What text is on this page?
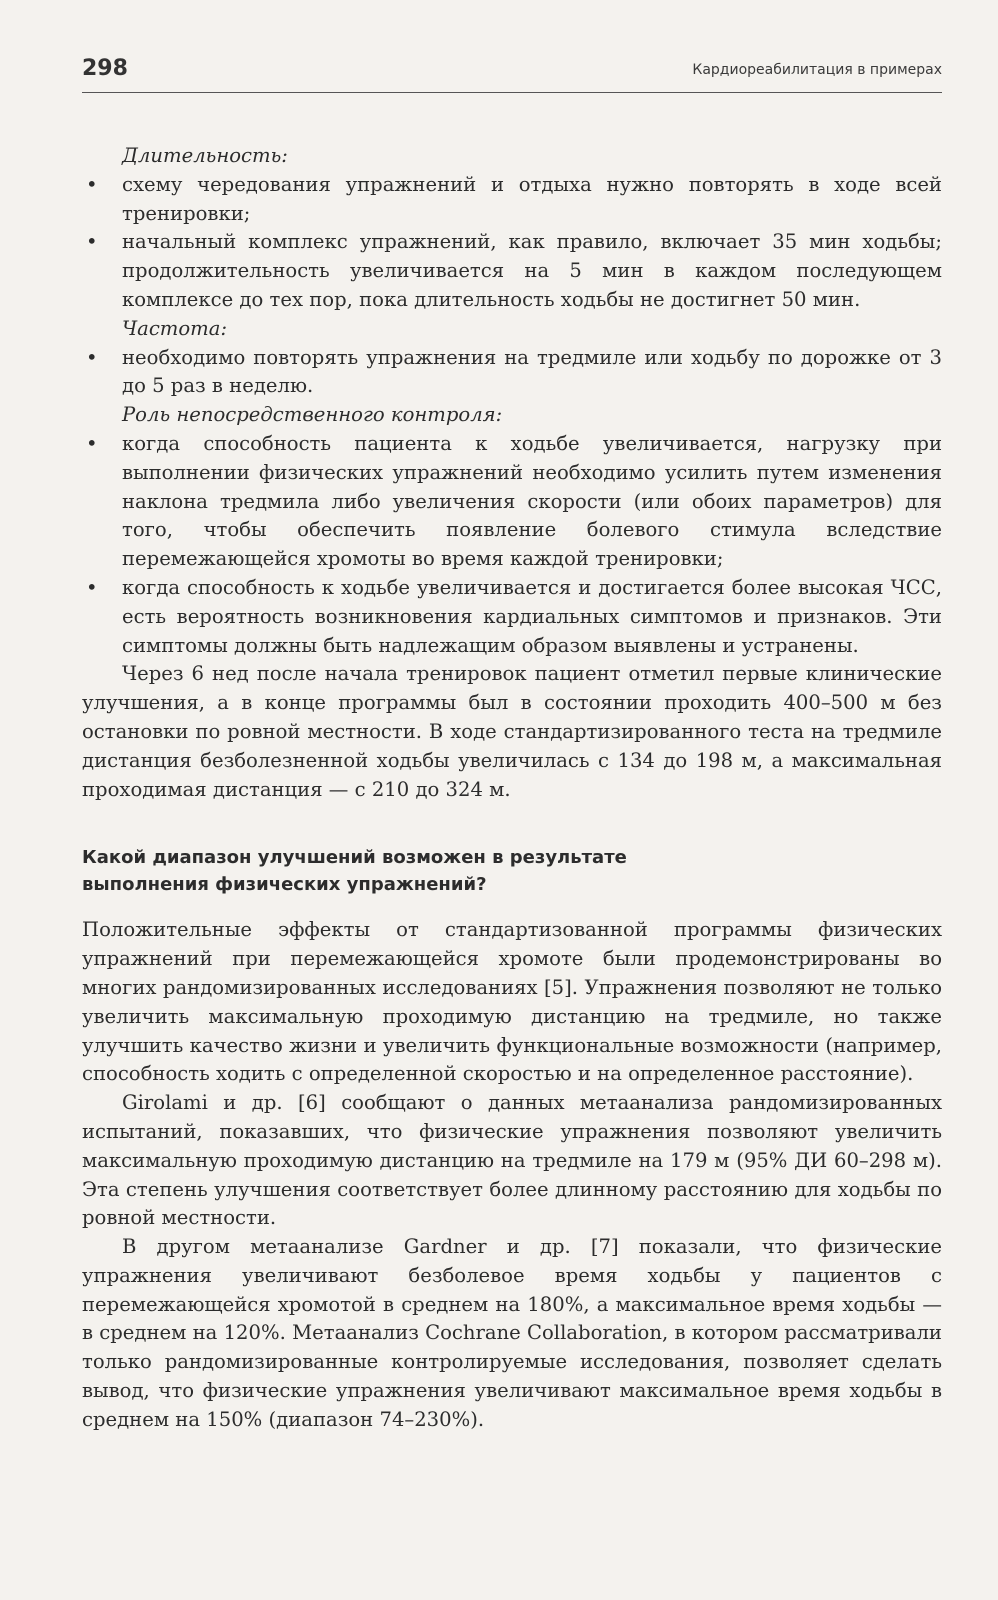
298	Кардиореабилитация в примерах

Длительность:

• схему чередования упражнений и отдыха нужно повторять в ходе всей тренировки;

• начальный комплекс упражнений, как правило, включает 35 мин ходьбы; продолжительность увеличивается на 5 мин в каждом последующем комплексе до тех пор, пока длительность ходьбы не достигнет 50 мин.

Частота:

• необходимо повторять упражнения на тредмиле или ходьбу по дорожке от 3 до 5 раз в неделю.

Роль непосредственного контроля:

• когда способность пациента к ходьбе увеличивается, нагрузку при выполнении физических упражнений необходимо усилить путем изменения наклона тредмила либо увеличения скорости (или обоих параметров) для того, чтобы обеспечить появление болевого стимула вследствие перемежающейся хромоты во время каждой тренировки;

• когда способность к ходьбе увеличивается и достигается более высокая ЧСС, есть вероятность возникновения кардиальных симптомов и признаков. Эти симптомы должны быть надлежащим образом выявлены и устранены.

Через 6 нед после начала тренировок пациент отметил первые клинические улучшения, а в конце программы был в состоянии проходить 400–500 м без остановки по ровной местности. В ходе стандартизированного теста на тредмиле дистанция безболезненной ходьбы увеличилась с 134 до 198 м, а максимальная проходимая дистанция — с 210 до 324 м.

Какой диапазон улучшений возможен в результате выполнения физических упражнений?

Положительные эффекты от стандартизованной программы физических упражнений при перемежающейся хромоте были продемонстрированы во многих рандомизированных исследованиях [5]. Упражнения позволяют не только увеличить максимальную проходимую дистанцию на тредмиле, но также улучшить качество жизни и увеличить функциональные возможности (например, способность ходить с определенной скоростью и на определенное расстояние).

Girolami и др. [6] сообщают о данных метаанализа рандомизированных испытаний, показавших, что физические упражнения позволяют увеличить максимальную проходимую дистанцию на тредмиле на 179 м (95% ДИ 60–298 м). Эта степень улучшения соответствует более длинному расстоянию для ходьбы по ровной местности.

В другом метаанализе Gardner и др. [7] показали, что физические упражнения увеличивают безболевое время ходьбы у пациентов с перемежающейся хромотой в среднем на 180%, а максимальное время ходьбы — в среднем на 120%. Метаанализ Cochrane Collaboration, в котором рассматривали только рандомизированные контролируемые исследования, позволяет сделать вывод, что физические упражнения увеличивают максимальное время ходьбы в среднем на 150% (диапазон 74–230%).
